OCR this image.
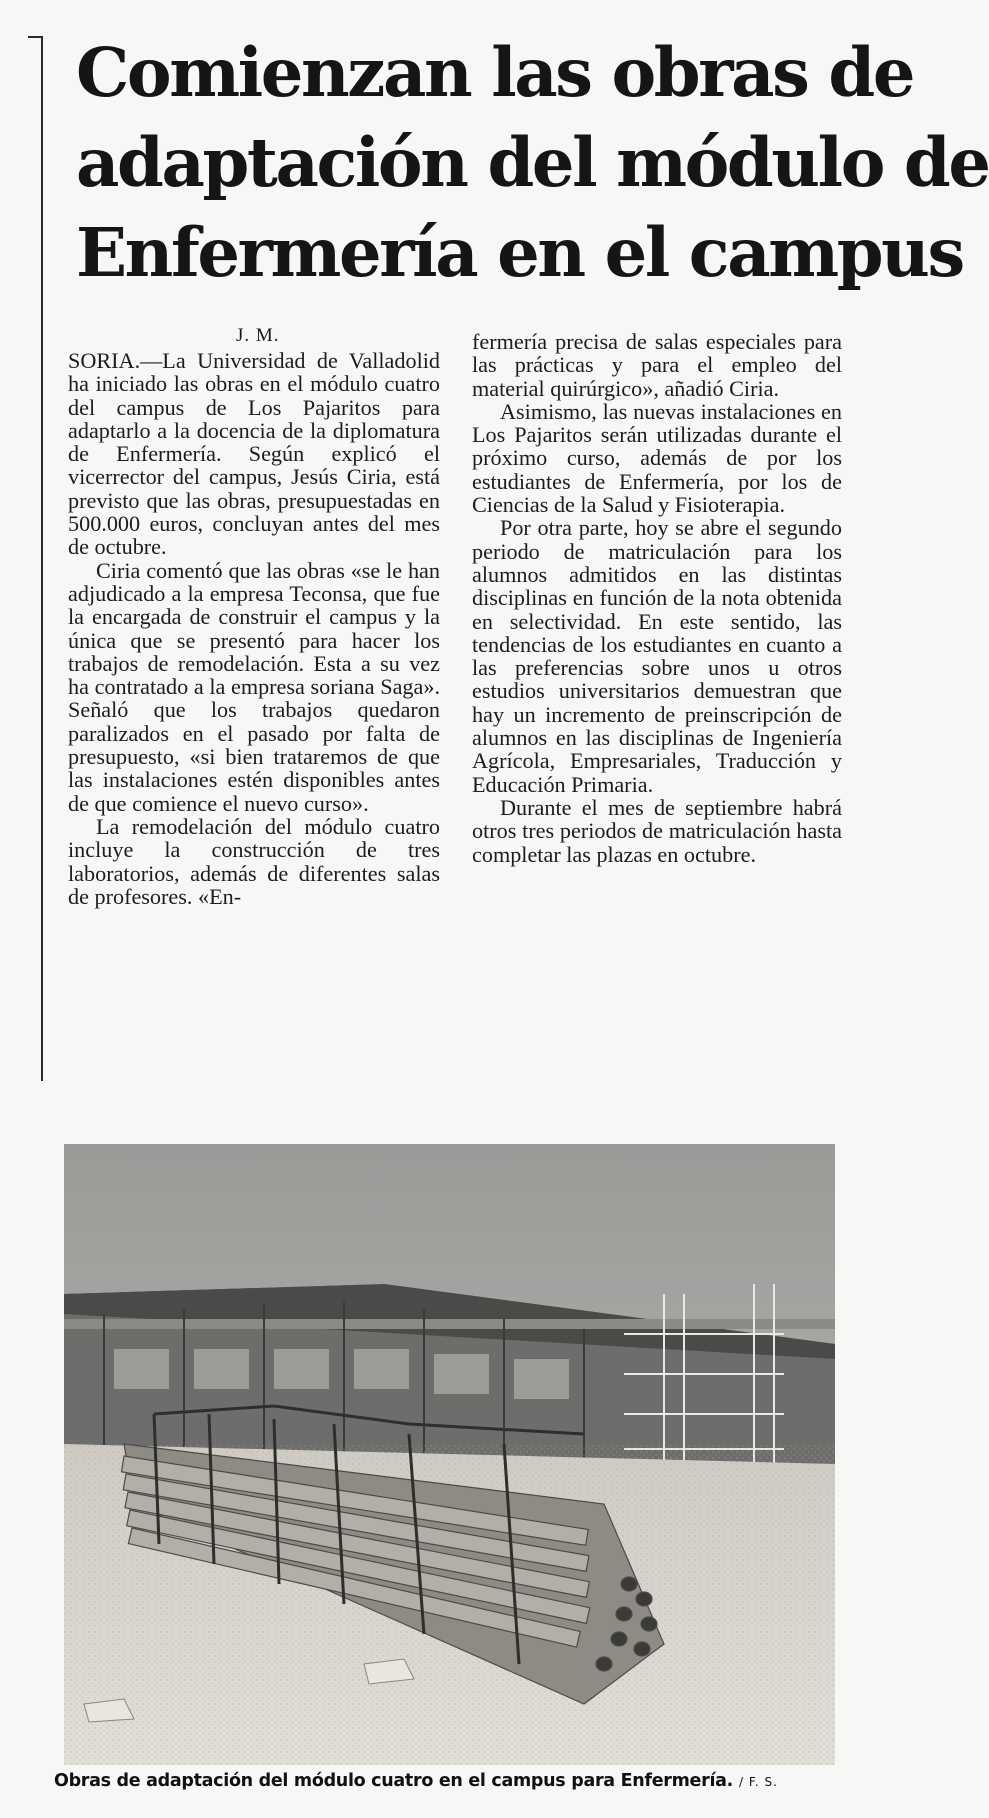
Comienzan las obras de
adaptación del módulo de
Enfermería en el campus
J. M.

SORIA.—La Universidad de Valladolid ha iniciado las obras en el módulo cuatro del campus de Los Pajaritos para adaptarlo a la docencia de la diplomatura de Enfermería. Según explicó el vicerrector del campus, Jesús Ciria, está previsto que las obras, presupuestadas en 500.000 euros, concluyan antes del mes de octubre.

Ciria comentó que las obras «se le han adjudicado a la empresa Teconsa, que fue la encargada de construir el campus y la única que se presentó para hacer los trabajos de remodelación. Esta a su vez ha contratado a la empresa soriana Saga». Señaló que los trabajos quedaron paralizados en el pasado por falta de presupuesto, «si bien trataremos de que las instalaciones estén disponibles antes de que comience el nuevo curso».

La remodelación del módulo cuatro incluye la construcción de tres laboratorios, además de diferentes salas de profesores. «En-

fermería precisa de salas especiales para las prácticas y para el empleo del material quirúrgico», añadió Ciria.

Asimismo, las nuevas instalaciones en Los Pajaritos serán utilizadas durante el próximo curso, además de por los estudiantes de Enfermería, por los de Ciencias de la Salud y Fisioterapia.

Por otra parte, hoy se abre el segundo periodo de matriculación para los alumnos admitidos en las distintas disciplinas en función de la nota obtenida en selectividad. En este sentido, las tendencias de los estudiantes en cuanto a las preferencias sobre unos u otros estudios universitarios demuestran que hay un incremento de preinscripción de alumnos en las disciplinas de Ingeniería Agrícola, Empresariales, Traducción y Educación Primaria.

Durante el mes de septiembre habrá otros tres periodos de matriculación hasta completar las plazas en octubre.

Obras de adaptación del módulo cuatro en el campus para Enfermería. / F. S.
